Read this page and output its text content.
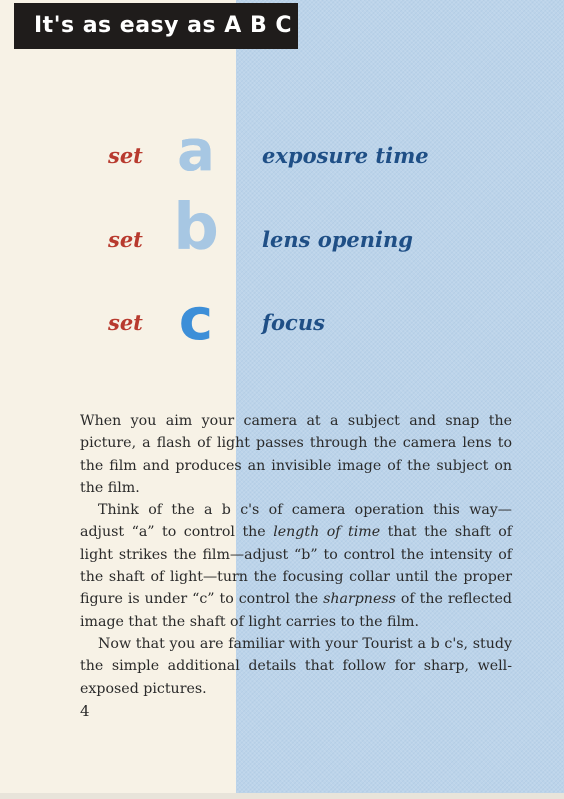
It's as easy as A B C
set a	exposure time
set b	lens opening
set c	focus

When you aim your camera at a subject and snap the picture, a flash of light passes through the camera lens to the film and produces an invisible image of the subject on the film.

Think of the a b c's of camera operation this way— adjust “a” to control the length of time that the shaft of light strikes the film—adjust “b” to control the intensity of the shaft of light—turn the focusing collar until the proper figure is under “c” to control the sharpness of the reflected image that the shaft of light carries to the film.

Now that you are familiar with your Tourist a b c's, study the simple additional details that follow for sharp, well-exposed pictures.

4
